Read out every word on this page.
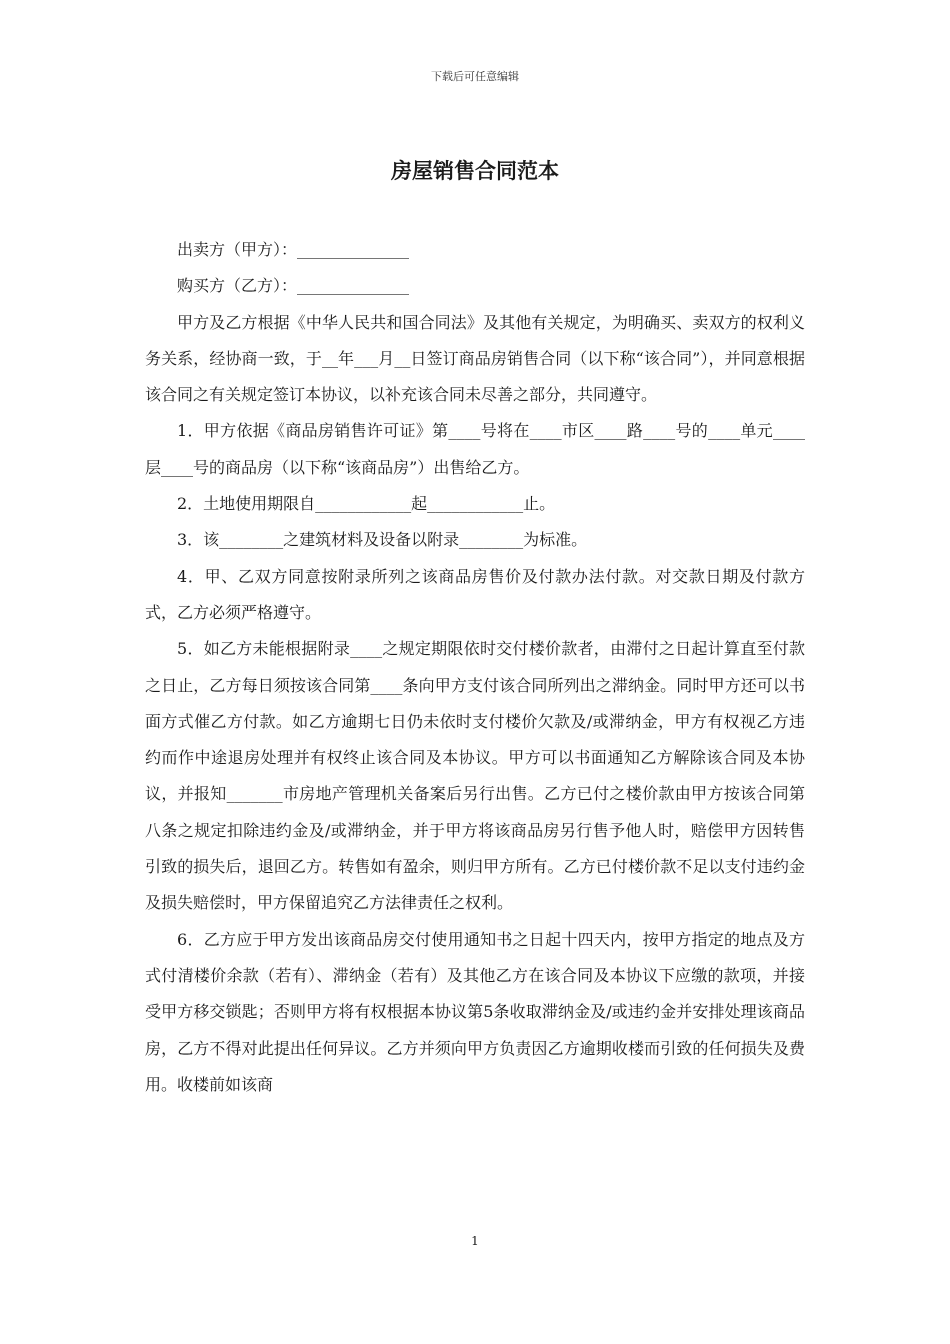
下载后可任意编辑
房屋销售合同范本

出卖方（甲方）：______________

购买方（乙方）：______________

甲方及乙方根据《中华人民共和国合同法》及其他有关规定，为明确买、卖双方的权利义务关系，经协商一致，于__年___月__日签订商品房销售合同（以下称“该合同”），并同意根据该合同之有关规定签订本协议，以补充该合同未尽善之部分，共同遵守。

1．甲方依据《商品房销售许可证》第____号将在____市区____路____号的____单元____层____号的商品房（以下称“该商品房”）出售给乙方。

2．土地使用期限自____________起____________止。

3．该________之建筑材料及设备以附录________为标准。

4．甲、乙双方同意按附录所列之该商品房售价及付款办法付款。对交款日期及付款方式，乙方必须严格遵守。

5．如乙方未能根据附录____之规定期限依时交付楼价款者，由滞付之日起计算直至付款之日止，乙方每日须按该合同第____条向甲方支付该合同所列出之滞纳金。同时甲方还可以书面方式催乙方付款。如乙方逾期七日仍未依时支付楼价欠款及/或滞纳金，甲方有权视乙方违约而作中途退房处理并有权终止该合同及本协议。甲方可以书面通知乙方解除该合同及本协议，并报知_______市房地产管理机关备案后另行出售。乙方已付之楼价款由甲方按该合同第八条之规定扣除违约金及/或滞纳金，并于甲方将该商品房另行售予他人时，赔偿甲方因转售引致的损失后，退回乙方。转售如有盈余，则归甲方所有。乙方已付楼价款不足以支付违约金及损失赔偿时，甲方保留追究乙方法律责任之权利。

6．乙方应于甲方发出该商品房交付使用通知书之日起十四天内，按甲方指定的地点及方式付清楼价余款（若有）、滞纳金（若有）及其他乙方在该合同及本协议下应缴的款项，并接受甲方移交锁匙；否则甲方将有权根据本协议第5条收取滞纳金及/或违约金并安排处理该商品房，乙方不得对此提出任何异议。乙方并须向甲方负责因乙方逾期收楼而引致的任何损失及费用。收楼前如该商

1
